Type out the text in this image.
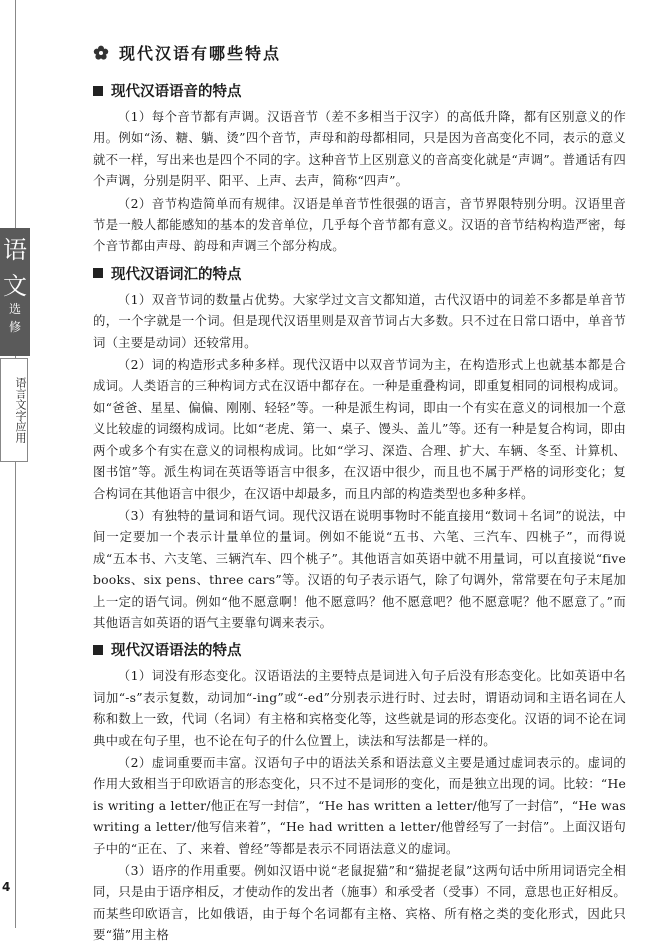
语
文
选
修
语言文字应用
4
现代汉语有哪些特点
现代汉语语音的特点

（1）每个音节都有声调。汉语音节（差不多相当于汉字）的高低升降，都有区别意义的作用。例如“汤、糖、躺、烫”四个音节，声母和韵母都相同，只是因为音高变化不同，表示的意义就不一样，写出来也是四个不同的字。这种音节上区别意义的音高变化就是“声调”。普通话有四个声调，分别是阴平、阳平、上声、去声，简称“四声”。

（2）音节构造简单而有规律。汉语是单音节性很强的语言，音节界限特别分明。汉语里音节是一般人都能感知的基本的发音单位，几乎每个音节都有意义。汉语的音节结构构造严密，每个音节都由声母、韵母和声调三个部分构成。

现代汉语词汇的特点

（1）双音节词的数量占优势。大家学过文言文都知道，古代汉语中的词差不多都是单音节的，一个字就是一个词。但是现代汉语里则是双音节词占大多数。只不过在日常口语中，单音节词（主要是动词）还较常用。

（2）词的构造形式多种多样。现代汉语中以双音节词为主，在构造形式上也就基本都是合成词。人类语言的三种构词方式在汉语中都存在。一种是重叠构词，即重复相同的词根构成词。如“爸爸、星星、偏偏、刚刚、轻轻”等。一种是派生构词，即由一个有实在意义的词根加一个意义比较虚的词缀构成词。比如“老虎、第一、桌子、馒头、盖儿”等。还有一种是复合构词，即由两个或多个有实在意义的词根构成词。比如“学习、深造、合理、扩大、车辆、冬至、计算机、图书馆”等。派生构词在英语等语言中很多，在汉语中很少，而且也不属于严格的词形变化；复合构词在其他语言中很少，在汉语中却最多，而且内部的构造类型也多种多样。

（3）有独特的量词和语气词。现代汉语在说明事物时不能直接用“数词＋名词”的说法，中间一定要加一个表示计量单位的量词。例如不能说“五书、六笔、三汽车、四桃子”，而得说成“五本书、六支笔、三辆汽车、四个桃子”。其他语言如英语中就不用量词，可以直接说“five books、six pens、three cars”等。汉语的句子表示语气，除了句调外，常常要在句子末尾加上一定的语气词。例如“他不愿意啊！他不愿意吗？他不愿意吧？他不愿意呢？他不愿意了。”而其他语言如英语的语气主要靠句调来表示。

现代汉语语法的特点

（1）词没有形态变化。汉语语法的主要特点是词进入句子后没有形态变化。比如英语中名词加“-s”表示复数，动词加“-ing”或“-ed”分别表示进行时、过去时，谓语动词和主语名词在人称和数上一致，代词（名词）有主格和宾格变化等，这些就是词的形态变化。汉语的词不论在词典中或在句子里，也不论在句子的什么位置上，读法和写法都是一样的。

（2）虚词重要而丰富。汉语句子中的语法关系和语法意义主要是通过虚词表示的。虚词的作用大致相当于印欧语言的形态变化，只不过不是词形的变化，而是独立出现的词。比较：“He is writing a letter/他正在写一封信”，“He has written a letter/他写了一封信”，“He was writing a letter/他写信来着”，“He had written a letter/他曾经写了一封信”。上面汉语句子中的“正在、了、来着、曾经”等都是表示不同语法意义的虚词。

（3）语序的作用重要。例如汉语中说“老鼠捉猫”和“猫捉老鼠”这两句话中所用词语完全相同，只是由于语序相反，才使动作的发出者（施事）和承受者（受事）不同，意思也正好相反。而某些印欧语言，比如俄语，由于每个名词都有主格、宾格、所有格之类的变化形式，因此只要“猫”用主格
